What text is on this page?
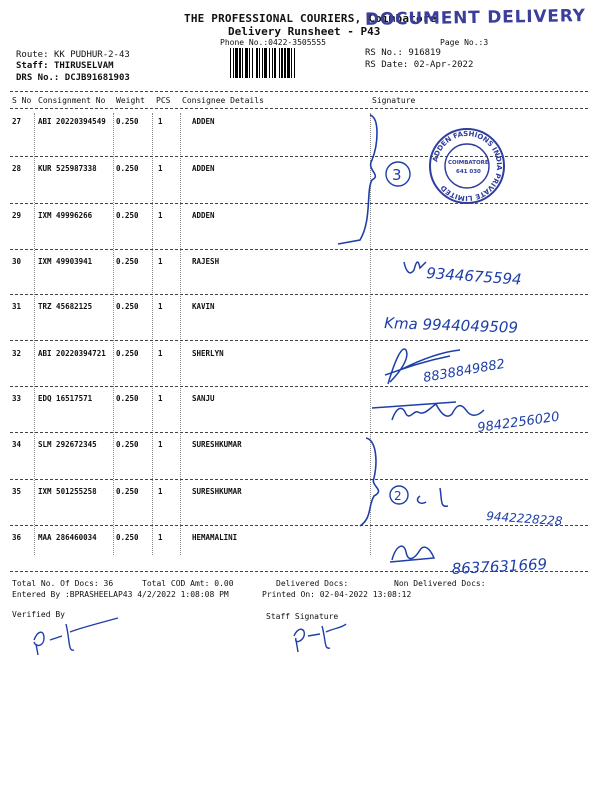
THE PROFESSIONAL COURIERS, Coimbatore
DOCUMENT DELIVERY
Delivery Runsheet - P43
Phone No.:0422-3505555	Page No.:3
Route: KK PUDHUR-2-43
Staff: THIRUSELVAM
DRS No.: DCJB91681903
RS No.: 916819
RS Date: 02-Apr-2022
S No Consignment No Weight PCS Consignee Details	Signature
27 ABI 20220394549 0.250	1	ADDEN
28 KUR 525987338	0.250	1	ADDEN
29 IXM 49996266	0.250	1	ADDEN
30 IXM 49903941	0.250	1	RAJESH
31 TRZ 45682125	0.250	1	KAVIN
32 ABI 20220394721 0.250	1	SHERLYN
33 EDQ 16517571	0.250	1	SANJU
34 SLM 292672345	0.250	1	SURESHKUMAR
35 IXM 501255258	0.250	1	SURESHKUMAR
36 MAA 286460034	0.250	1	HEMAMALINI
3
ADDEN FASHIONS INDIA PRIVATE LIMITED
COIMBATORE
641 030
9344675594
Kma 9944049509
8838849882
9842256020
2
9442228228
8637631669
Total No. Of Docs: 36	Total COD Amt: 0.00	Delivered Docs:	Non Delivered Docs:
Entered By :BPRASHEELAP43 4/2/2022 1:08:08 PM	Printed On: 02-04-2022 13:08:12
Verified By	Staff Signature
